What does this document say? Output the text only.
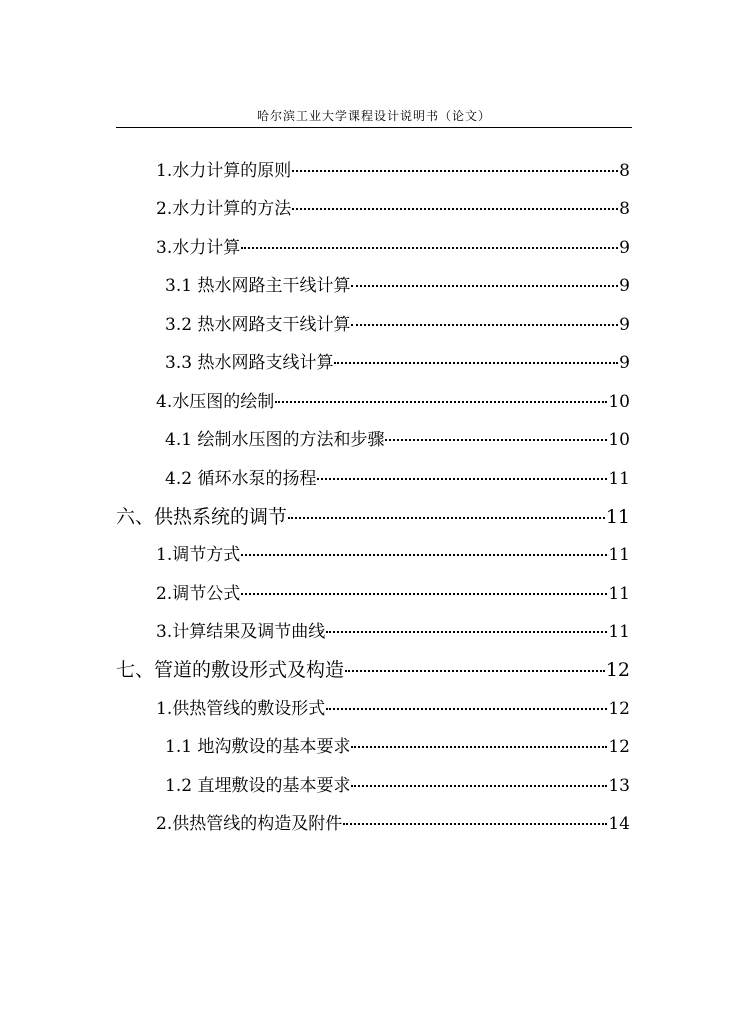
哈尔滨工业大学课程设计说明书（论文）
1.水力计算的原则	8
2.水力计算的方法	8
3.水力计算	9
3.1 热水网路主干线计算	9
3.2 热水网路支干线计算	9
3.3 热水网路支线计算	9
4.水压图的绘制	10
4.1 绘制水压图的方法和步骤	10
4.2 循环水泵的扬程	11
六、供热系统的调节	11
1.调节方式	11
2.调节公式	11
3.计算结果及调节曲线	11
七、管道的敷设形式及构造	12
1.供热管线的敷设形式	12
1.1 地沟敷设的基本要求	12
1.2 直埋敷设的基本要求	13
2.供热管线的构造及附件	14
